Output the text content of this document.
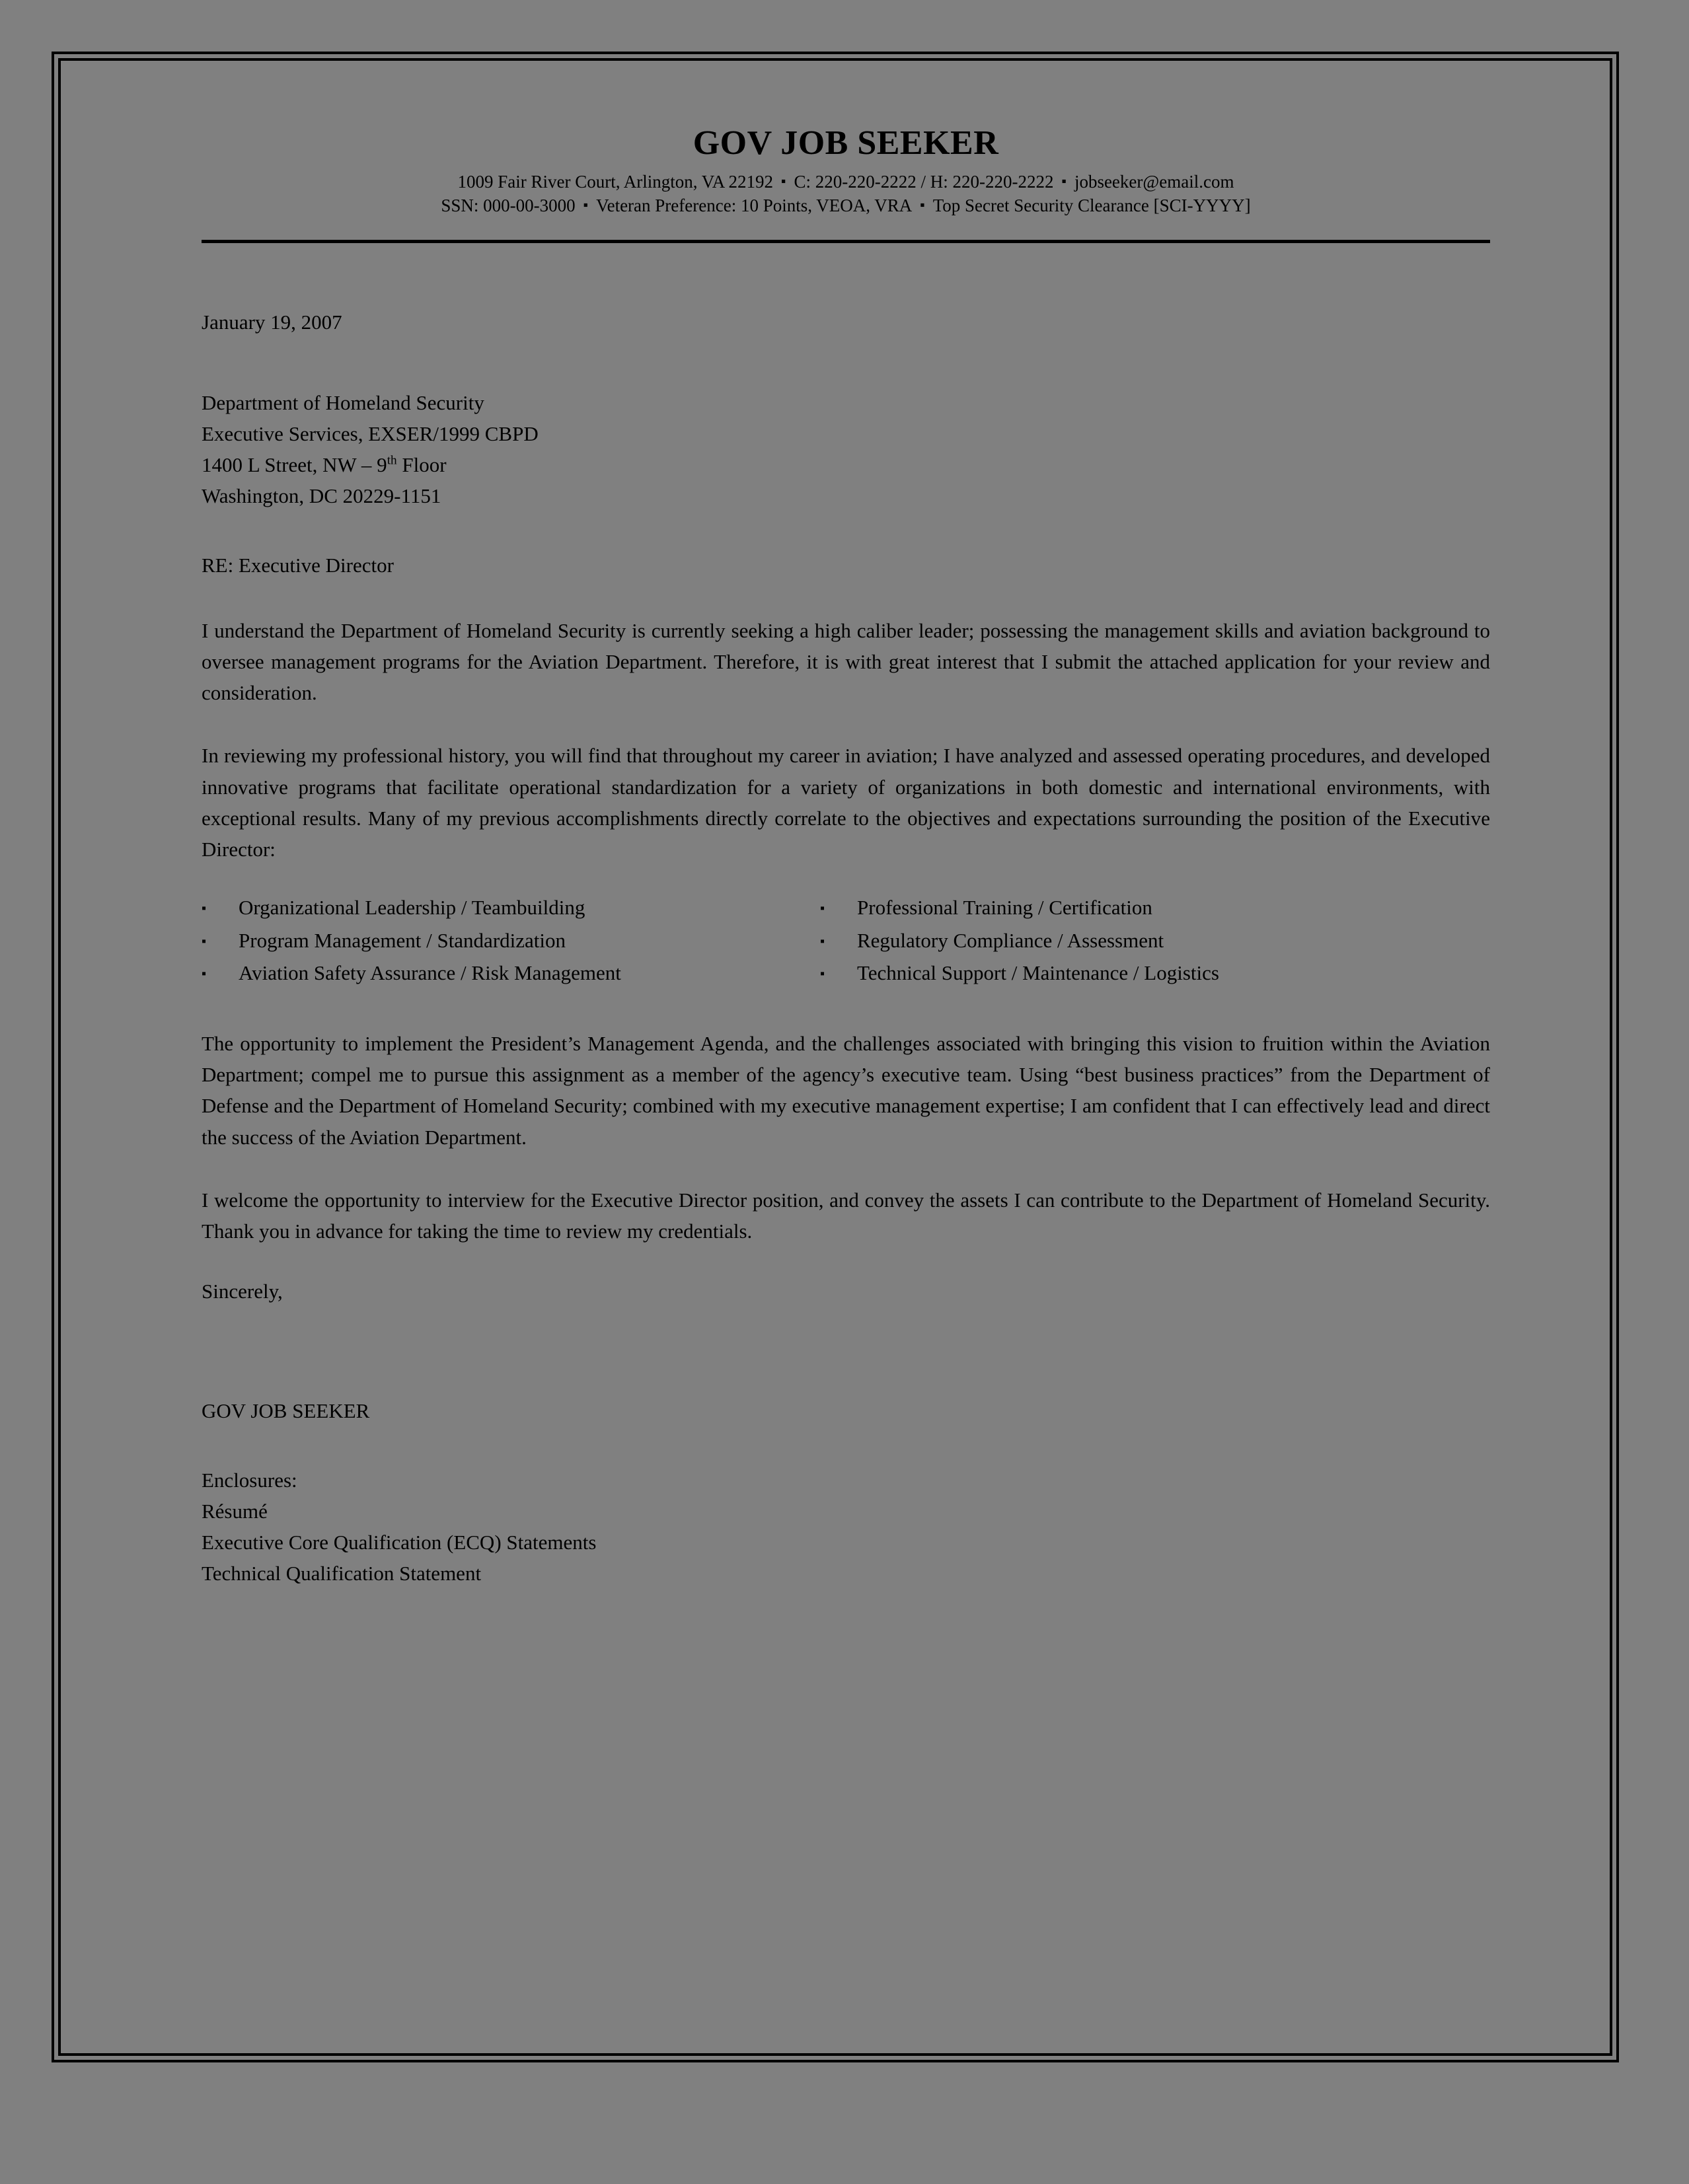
GOV JOB SEEKER
1009 Fair River Court, Arlington, VA 22192 ▪ C: 220-220-2222 / H: 220-220-2222 ▪ jobseeker@email.com
SSN: 000-00-3000 ▪ Veteran Preference: 10 Points, VEOA, VRA ▪ Top Secret Security Clearance [SCI-YYYY]
January 19, 2007
Department of Homeland Security
Executive Services, EXSER/1999 CBPD
1400 L Street, NW – 9th Floor
Washington, DC 20229-1151
RE: Executive Director

I understand the Department of Homeland Security is currently seeking a high caliber leader; possessing the management skills and aviation background to oversee management programs for the Aviation Department. Therefore, it is with great interest that I submit the attached application for your review and consideration.

In reviewing my professional history, you will find that throughout my career in aviation; I have analyzed and assessed operating procedures, and developed innovative programs that facilitate operational standardization for a variety of organizations in both domestic and international environments, with exceptional results. Many of my previous accomplishments directly correlate to the objectives and expectations surrounding the position of the Executive Director:

▪	Organizational Leadership / Teambuilding	▪	Professional Training / Certification
▪	Program Management / Standardization	▪	Regulatory Compliance / Assessment
▪	Aviation Safety Assurance / Risk Management	▪	Technical Support / Maintenance / Logistics

The opportunity to implement the President’s Management Agenda, and the challenges associated with bringing this vision to fruition within the Aviation Department; compel me to pursue this assignment as a member of the agency’s executive team. Using “best business practices” from the Department of Defense and the Department of Homeland Security; combined with my executive management expertise; I am confident that I can effectively lead and direct the success of the Aviation Department.

I welcome the opportunity to interview for the Executive Director position, and convey the assets I can contribute to the Department of Homeland Security. Thank you in advance for taking the time to review my credentials.

Sincerely,
GOV JOB SEEKER
Enclosures:
Résumé
Executive Core Qualification (ECQ) Statements
Technical Qualification Statement
